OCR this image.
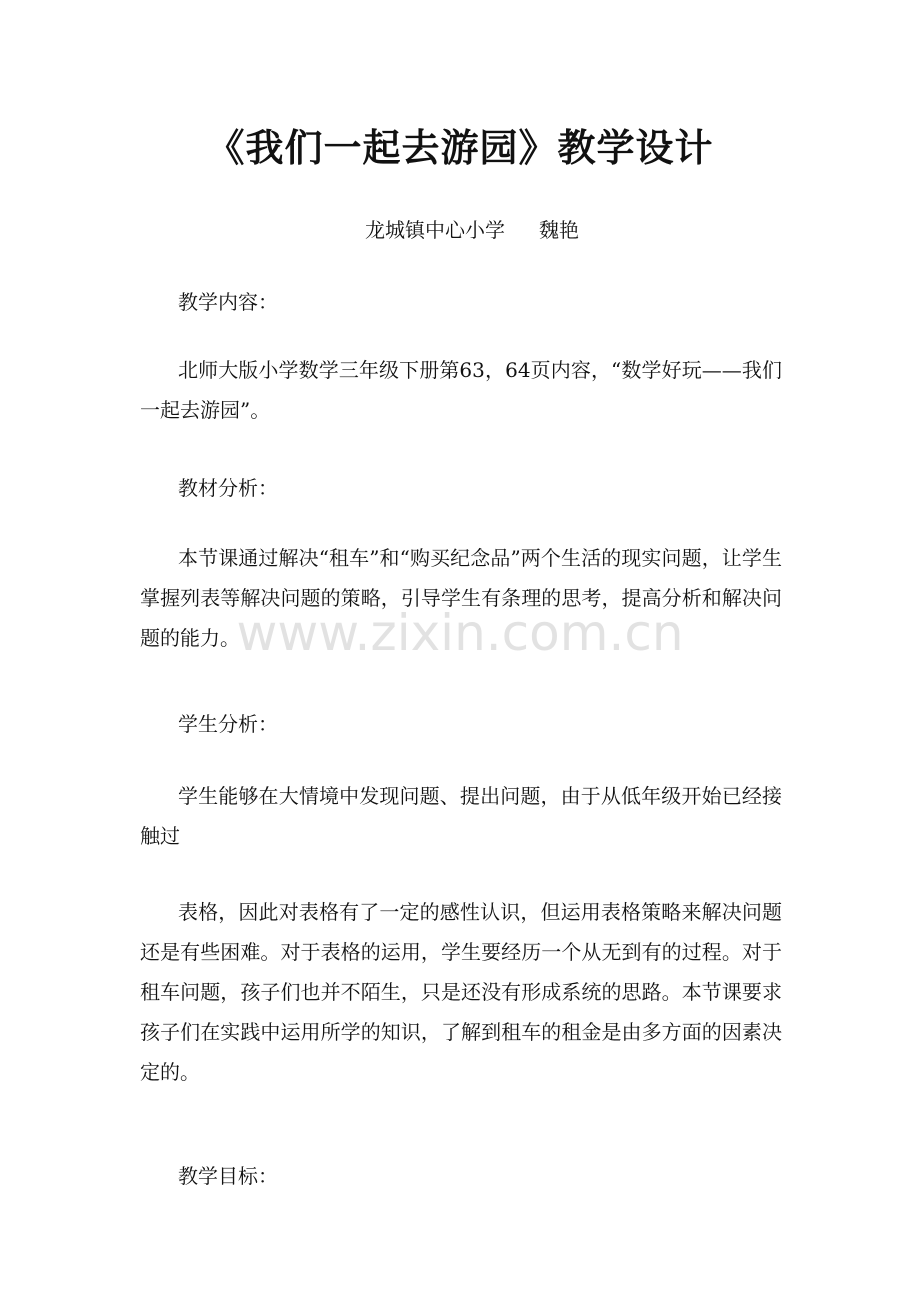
《我们一起去游园》教学设计
龙城镇中心小学 魏艳
教学内容：
北师大版小学数学三年级下册第63，64页内容，“数学好玩——我们一起去游园”。
教材分析：
本节课通过解决“租车”和“购买纪念品”两个生活的现实问题，让学生掌握列表等解决问题的策略，引导学生有条理的思考，提高分析和解决问题的能力。
学生分析：
学生能够在大情境中发现问题、提出问题，由于从低年级开始已经接触过
表格，因此对表格有了一定的感性认识，但运用表格策略来解决问题还是有些困难。对于表格的运用，学生要经历一个从无到有的过程。对于租车问题，孩子们也并不陌生，只是还没有形成系统的思路。本节课要求孩子们在实践中运用所学的知识，了解到租车的租金是由多方面的因素决定的。
教学目标：
www.zixin.com.cn
